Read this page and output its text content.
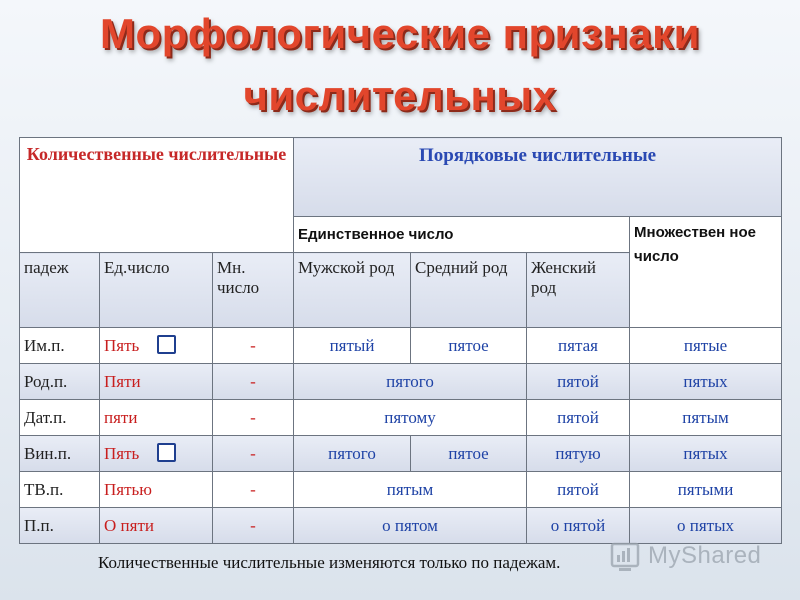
Морфологические признаки
числительных
Количественные числительные			Порядковые числительные			
			Единственное число			Множествен ное число
падеж	Ед.число	Мн. число	Мужской род	Средний род	Женский род	
Им.п.	Пять	-	пятый	пятое	пятая	пятые
Род.п.	Пяти	-	пятого		пятой	пятых
Дат.п.	пяти	-	пятому		пятой	пятым
Вин.п.	Пять	-	пятого	пятое	пятую	пятых
ТВ.п.	Пятью	-	пятым		пятой	пятыми
П.п.	О пяти	-	о пятом		о пятой	о пятых
Количественные числительные изменяются только по падежам.	MyShared
